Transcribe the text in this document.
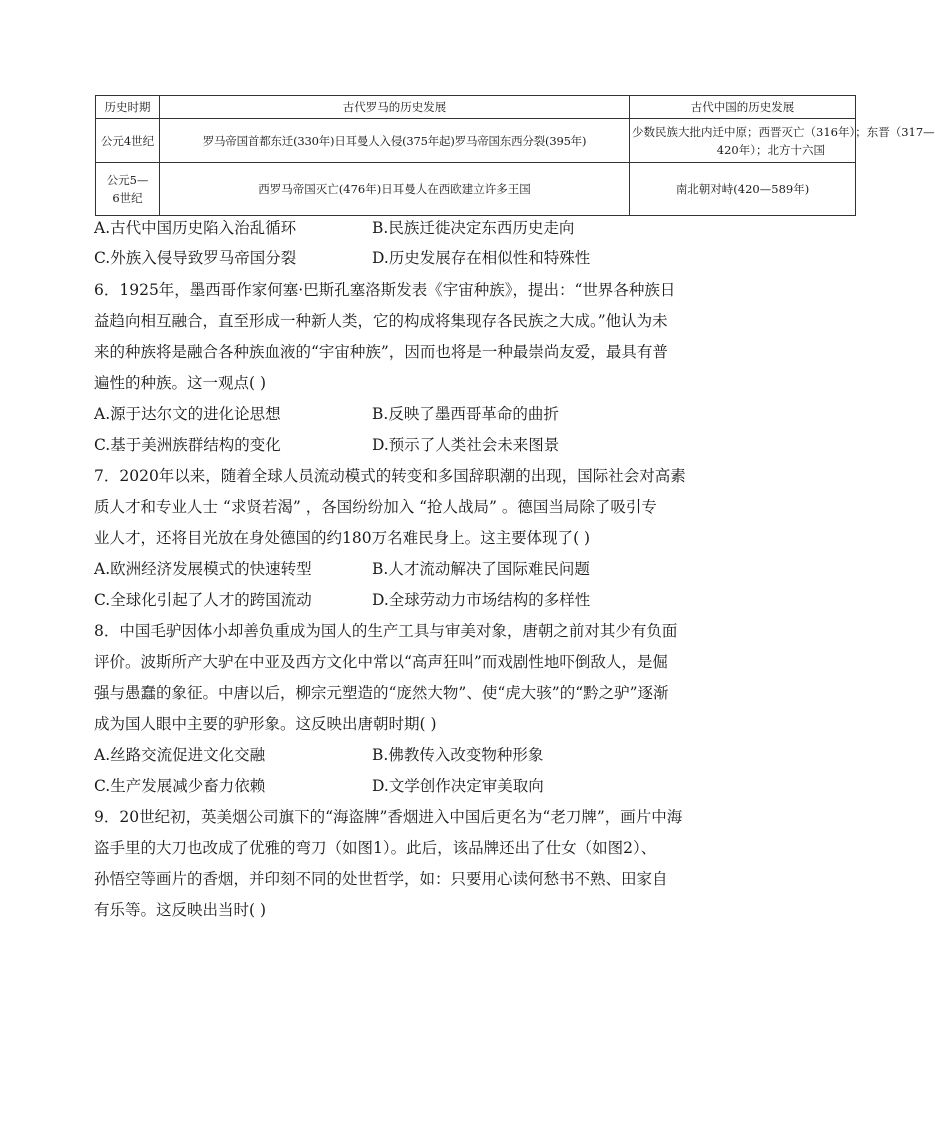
历史时期	古代罗马的历史发展	古代中国的历史发展
公元4世纪	罗马帝国首都东迁(330年)日耳曼人入侵(375年起)罗马帝国东西分裂(395年)	少数民族大批内迁中原；西晋灭亡（316年）；东晋（317—
420年）；北方十六国

公元5—
6世纪	西罗马帝国灭亡(476年)日耳曼人在西欧建立许多王国	南北朝对峙(420—589年)
A.古代中国历史陷入治乱循环	B.民族迁徙决定东西历史走向
C.外族入侵导致罗马帝国分裂	D.历史发展存在相似性和特殊性
6．1925年，墨西哥作家何塞·巴斯孔塞洛斯发表《宇宙种族》，提出：“世界各种族日
益趋向相互融合，直至形成一种新人类，它的构成将集现存各民族之大成。”他认为未
来的种族将是融合各种族血液的“宇宙种族”，因而也将是一种最崇尚友爱，最具有普
遍性的种族。这一观点( )
A.源于达尔文的进化论思想	B.反映了墨西哥革命的曲折
C.基于美洲族群结构的变化	D.预示了人类社会未来图景
7．2020年以来，随着全球人员流动模式的转变和多国辞职潮的出现，国际社会对高素
质人才和专业人士 “求贤若渴” ，各国纷纷加入 “抢人战局” 。德国当局除了吸引专
业人才，还将目光放在身处德国的约180万名难民身上。这主要体现了( )
A.欧洲经济发展模式的快速转型	B.人才流动解决了国际难民问题
C.全球化引起了人才的跨国流动	D.全球劳动力市场结构的多样性
8．中国毛驴因体小却善负重成为国人的生产工具与审美对象，唐朝之前对其少有负面
评价。波斯所产大驴在中亚及西方文化中常以“高声狂叫”而戏剧性地吓倒敌人，是倔
强与愚蠢的象征。中唐以后，柳宗元塑造的“庞然大物”、使“虎大骇”的“黔之驴”逐渐
成为国人眼中主要的驴形象。这反映出唐朝时期( )
A.丝路交流促进文化交融	B.佛教传入改变物种形象
C.生产发展减少畜力依赖	D.文学创作决定审美取向
9．20世纪初，英美烟公司旗下的“海盗牌”香烟进入中国后更名为“老刀牌”，画片中海
盗手里的大刀也改成了优雅的弯刀（如图1）。此后，该品牌还出了仕女（如图2）、
孙悟空等画片的香烟，并印刻不同的处世哲学，如：只要用心读何愁书不熟、田家自
有乐等。这反映出当时( )
